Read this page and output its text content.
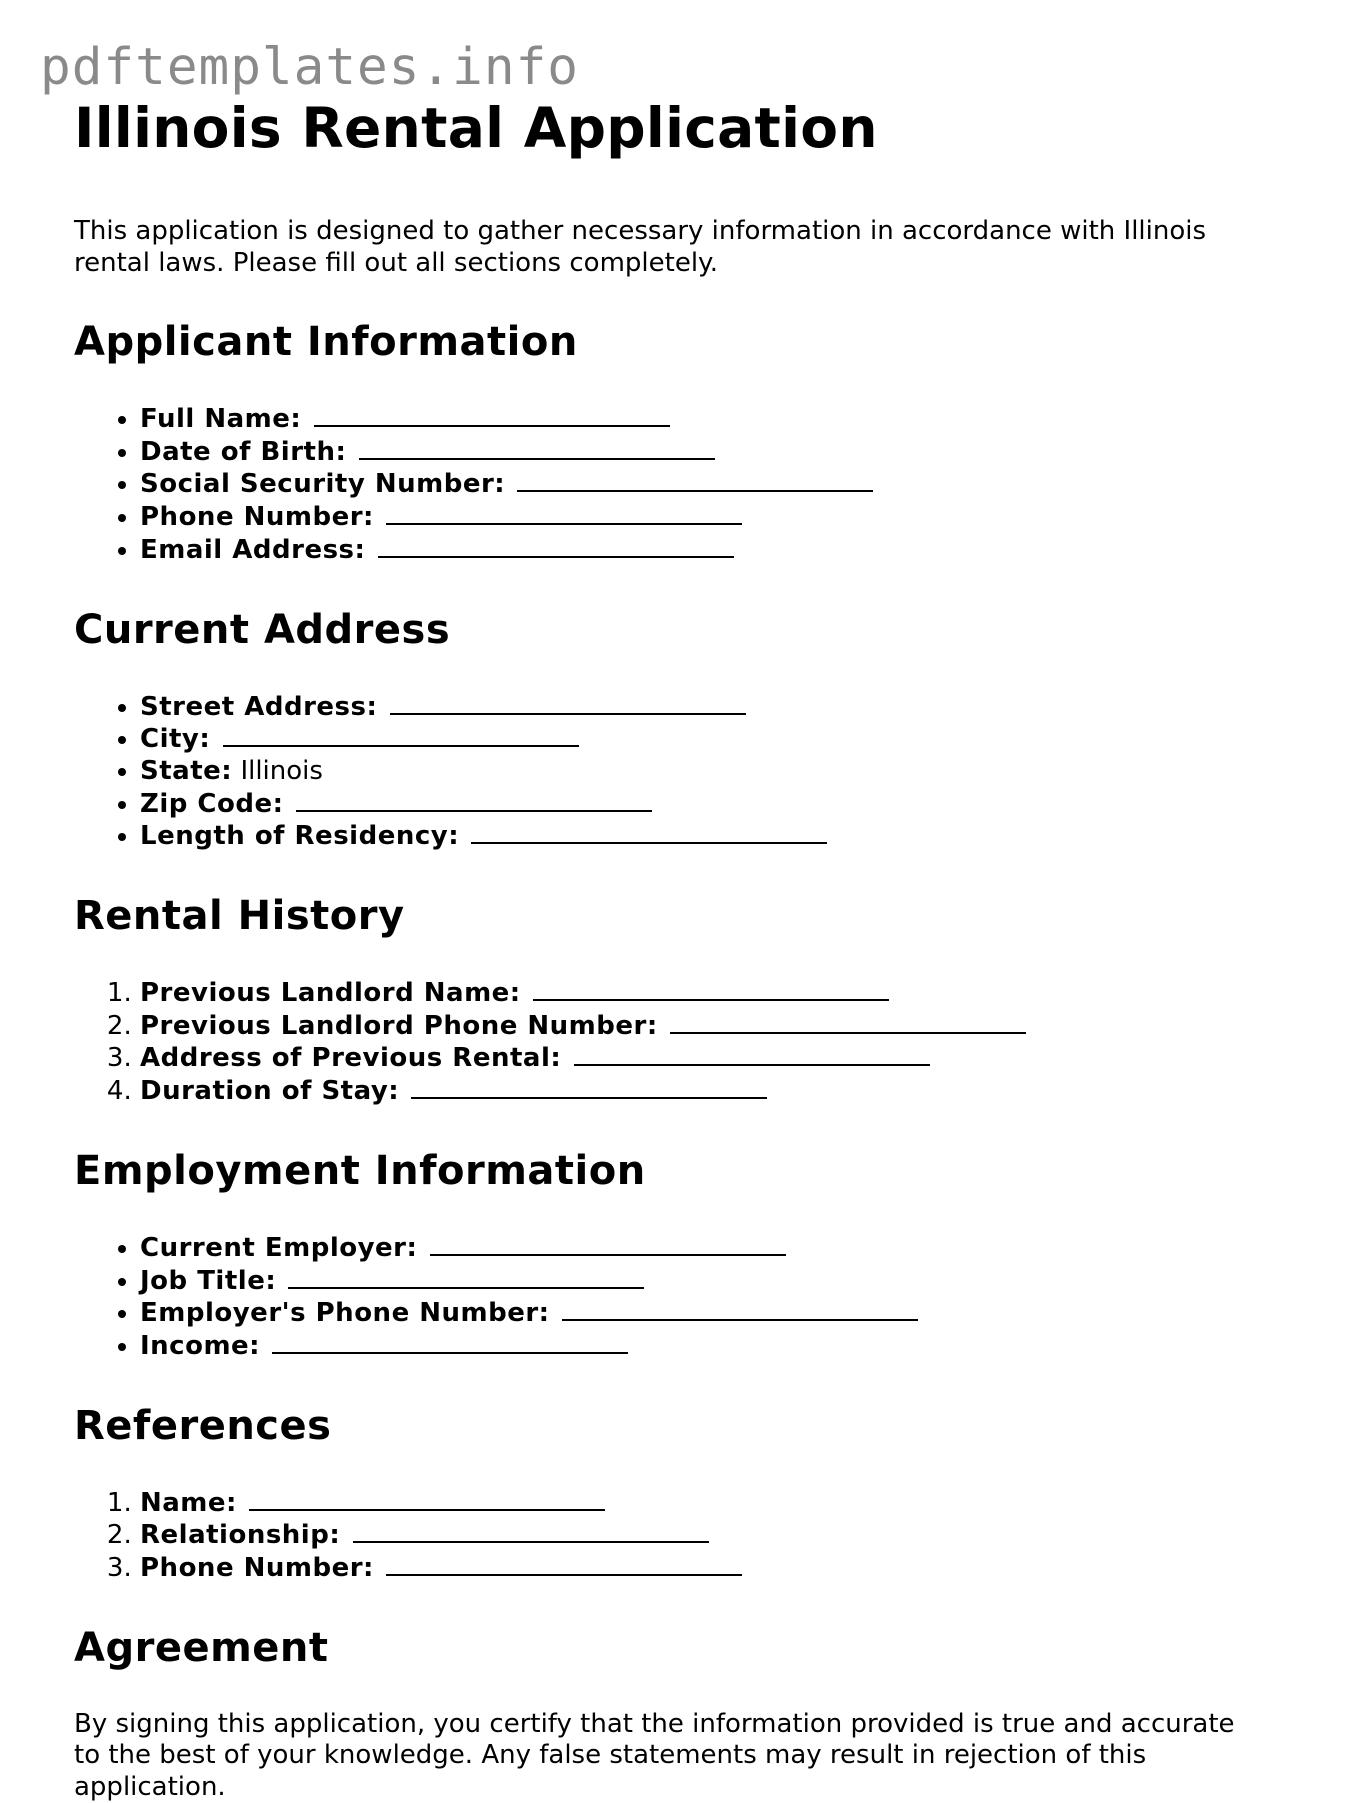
pdftemplates.info
Illinois Rental Application

This application is designed to gather necessary information in accordance with Illinois rental laws. Please fill out all sections completely.

Applicant Information
• Full Name:
• Date of Birth:
• Social Security Number:
• Phone Number:
• Email Address:
Current Address
• Street Address:
• City:
• State: Illinois
• Zip Code:
• Length of Residency:
Rental History
1. Previous Landlord Name:
2. Previous Landlord Phone Number:
3. Address of Previous Rental:
4. Duration of Stay:
Employment Information
• Current Employer:
• Job Title:
• Employer's Phone Number:
• Income:
References
1. Name:
2. Relationship:
3. Phone Number:
Agreement

By signing this application, you certify that the information provided is true and accurate to the best of your knowledge. Any false statements may result in rejection of this application.
